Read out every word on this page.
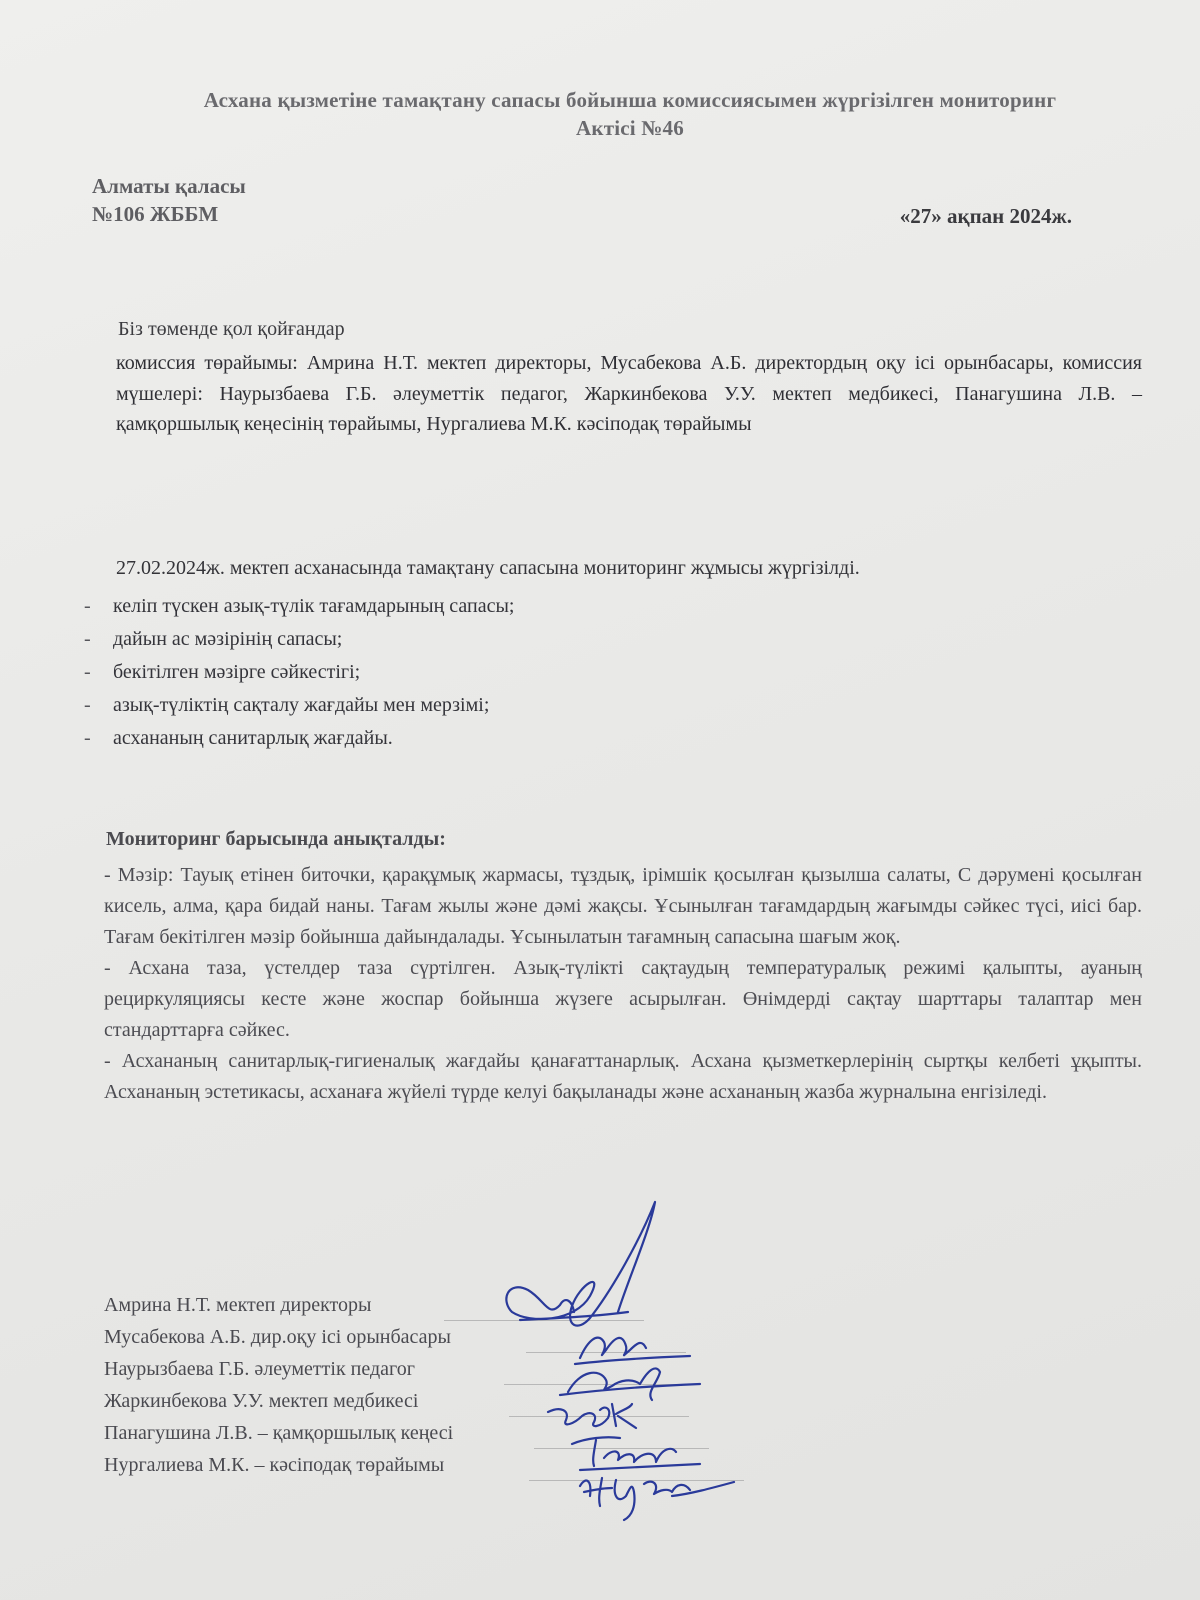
Асхана қызметіне тамақтану сапасы бойынша комиссиясымен жүргізілген мониторинг
Актісі №46
Алматы қаласы
№106 ЖББМ	«27» ақпан 2024ж.
Біз төменде қол қойғандар
комиссия төрайымы: Амрина Н.Т. мектеп директоры, Мусабекова А.Б. директордың оқу ісі орынбасары, комиссия мүшелері: Наурызбаева Г.Б. әлеуметтік педагог, Жаркинбекова У.У. мектеп медбикесі, Панагушина Л.В. – қамқоршылық кеңесінің төрайымы, Нургалиева М.К. кәсіподақ төрайымы
27.02.2024ж. мектеп асханасында тамақтану сапасына мониторинг жұмысы жүргізілді.
- келіп түскен азық-түлік тағамдарының сапасы;
- дайын ас мәзірінің сапасы;
- бекітілген мәзірге сәйкестігі;
- азық-түліктің сақталу жағдайы мен мерзімі;
- асхананың санитарлық жағдайы.
Мониторинг барысында анықталды:

- Мәзір: Тауық етінен биточки, қарақұмық жармасы, тұздық, ірімшік қосылған қызылша салаты, С дәрумені қосылған кисель, алма, қара бидай наны. Тағам жылы және дәмі жақсы. Ұсынылған тағамдардың жағымды сәйкес түсі, иісі бар. Тағам бекітілген мәзір бойынша дайындалады. Ұсынылатын тағамның сапасына шағым жоқ.

- Асхана таза, үстелдер таза сүртілген. Азық-түлікті сақтаудың температуралық режимі қалыпты, ауаның рециркуляциясы кесте және жоспар бойынша жүзеге асырылған. Өнімдерді сақтау шарттары талаптар мен стандарттарға сәйкес.

- Асхананың санитарлық-гигиеналық жағдайы қанағаттанарлық. Асхана қызметкерлерінің сыртқы келбеті ұқыпты. Асхананың эстетикасы, асханаға жүйелі түрде келуі бақыланады және асхананың жазба журналына енгізіледі.

Амрина Н.Т. мектеп директоры
Мусабекова А.Б. дир.оқу ісі орынбасары
Наурызбаева Г.Б. әлеуметтік педагог
Жаркинбекова У.У. мектеп медбикесі
Панагушина Л.В. – қамқоршылық кеңесі
Нургалиева М.К. – кәсіподақ төрайымы
